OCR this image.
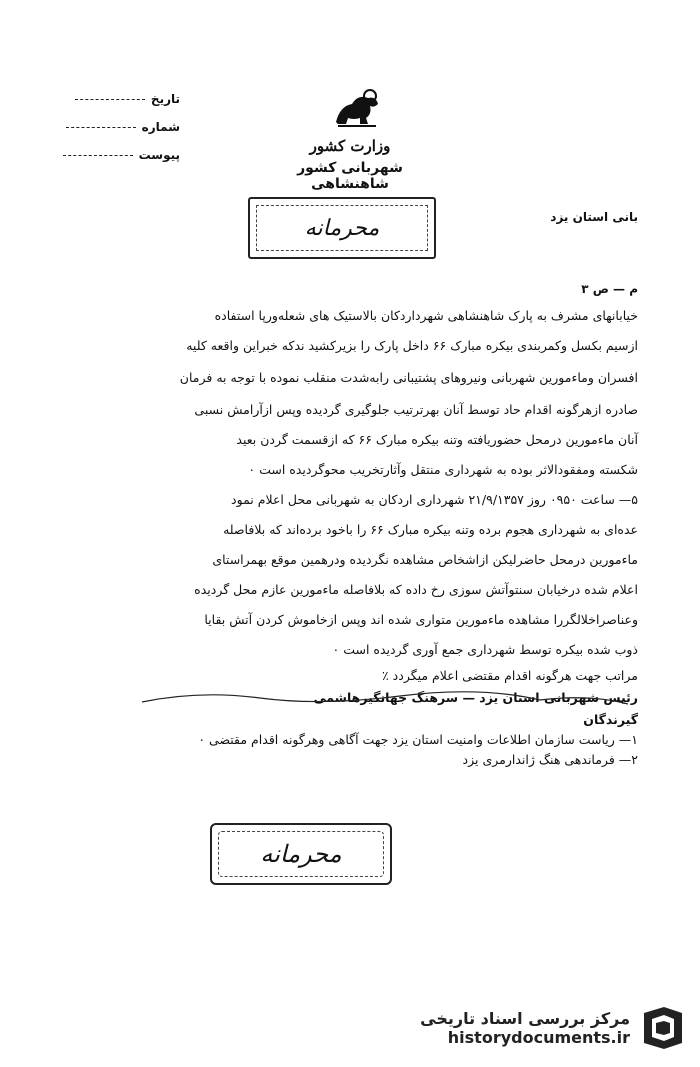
وزارت کشور
شهربانی کشور شاهنشاهی
تاریخ
شماره
پیوست
محرمانه	بانی استان یزد
م — ص ۳
خیابانهای مشرف به پارک شاهنشاهی شهرداردکان بالاستیک های شعله‌ورپا استفاده
ازسیم بکسل وکمربندی بیکره مبارک ۶۶ داخل پارک را بزیرکشید ندکه خبراین واقعه کلیه
افسران وماءمورین شهربانی ونیروهای پشتیبانی رابه‌شدت منقلب نموده با توجه به فرمان
صادره ازهرگونه اقدام حاد توسط آنان بهرترتیب جلوگیری گردیده وپس ازآرامش نسبی
آنان ماءمورین درمحل حضوریافته وتنه بیکره مبارک ۶۶ که ازقسمت گردن بعید
شکسته ومفقودالاثر بوده به شهرداری منتقل وآثارتخریب محوگردیده است ۰
۵— ساعت ۰۹۵۰ روز ۲۱/۹/۱۳۵۷ شهرداری اردکان به شهربانی محل اعلام نمود
عده‌ای به شهرداری هجوم برده وتنه بیکره مبارک ۶۶ را باخود برده‌اند که بلافاصله
ماءمورین درمحل حاضرلیکن ازاشخاص مشاهده نگردیده ودرهمین موقع بهمراستای
اعلام شده درخیابان سنتوآتش سوزی رخ داده که بلافاصله ماءمورین عازم محل گردیده
وعناصراخلالگررا مشاهده ماءمورین متواری شده اند وپس ازخاموش کردن آتش بقایا
ذوب شده بیکره توسط شهرداری جمع آوری گردیده است ۰
مراتب جهت هرگونه اقدام مقتضی اعلام میگردد ٪
رئیس شهربانی استان یزد — سرهنگ جهانگیرهاشمی
گیرندگان
۱— ریاست سازمان اطلاعات وامنیت استان یزد جهت آگاهی وهرگونه اقدام مقتضی ۰
۲— فرماندهی هنگ ژاندارمری یزد
محرمانه
مرکز بررسی اسناد تاریخی
historydocuments.ir
